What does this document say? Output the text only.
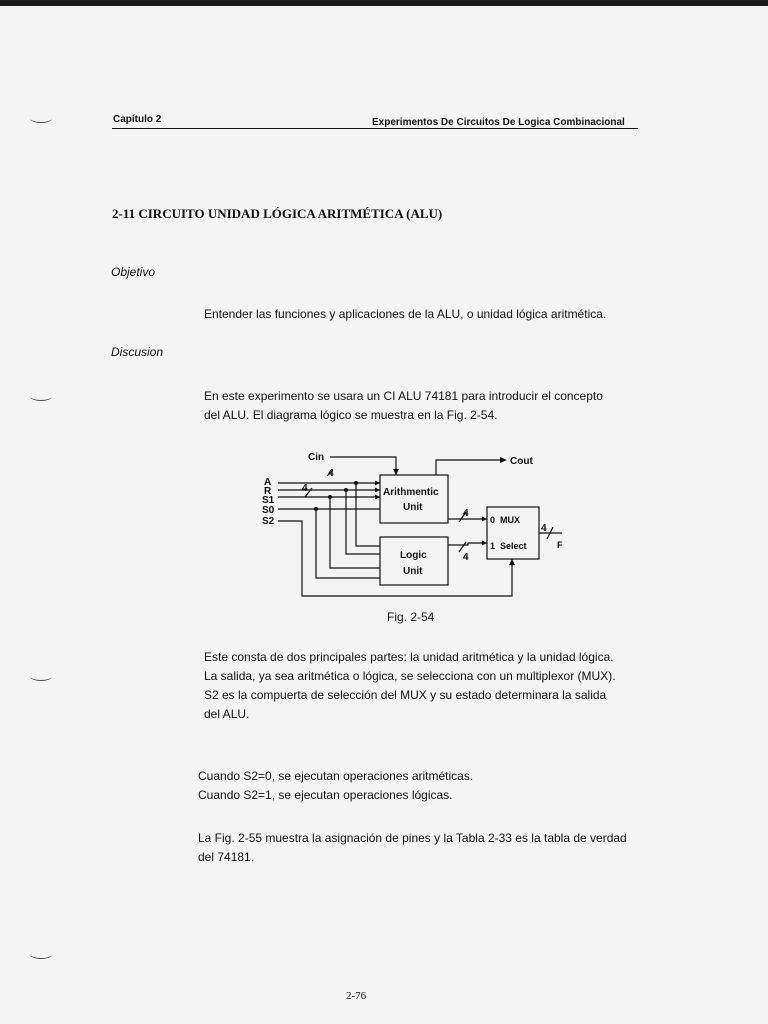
Capítulo 2	Experimentos De Circuitos De Logica Combinacional
2-11 CIRCUITO UNIDAD LÓGICA ARITMÉTICA (ALU)
Objetivo
Entender las funciones y aplicaciones de la ALU, o unidad lógica aritmética.
Discusion
En este experimento se usara un CI ALU 74181 para introducir el concepto
del ALU. El diagrama lógico se muestra en la Fig. 2-54.
Cin	Cout
A
R
S1
S0
S2
4
4
4
4
4
Arithmentic
Unit
Logic
Unit
0  MUX
1  Select	F
Fig. 2-54
Este consta de dos principales partes: la unidad aritmética y la unidad lógica.
La salida, ya sea aritmética o lógica, se selecciona con un multiplexor (MUX).
S2 es la compuerta de selección del MUX y su estado determinara la salida
del ALU.
Cuando S2=0, se ejecutan operaciones aritméticas.
Cuando S2=1, se ejecutan operaciones lógicas.
La Fig. 2-55 muestra la asignación de pines y la Tabla 2-33 es la tabla de verdad
del 74181.
2-76
